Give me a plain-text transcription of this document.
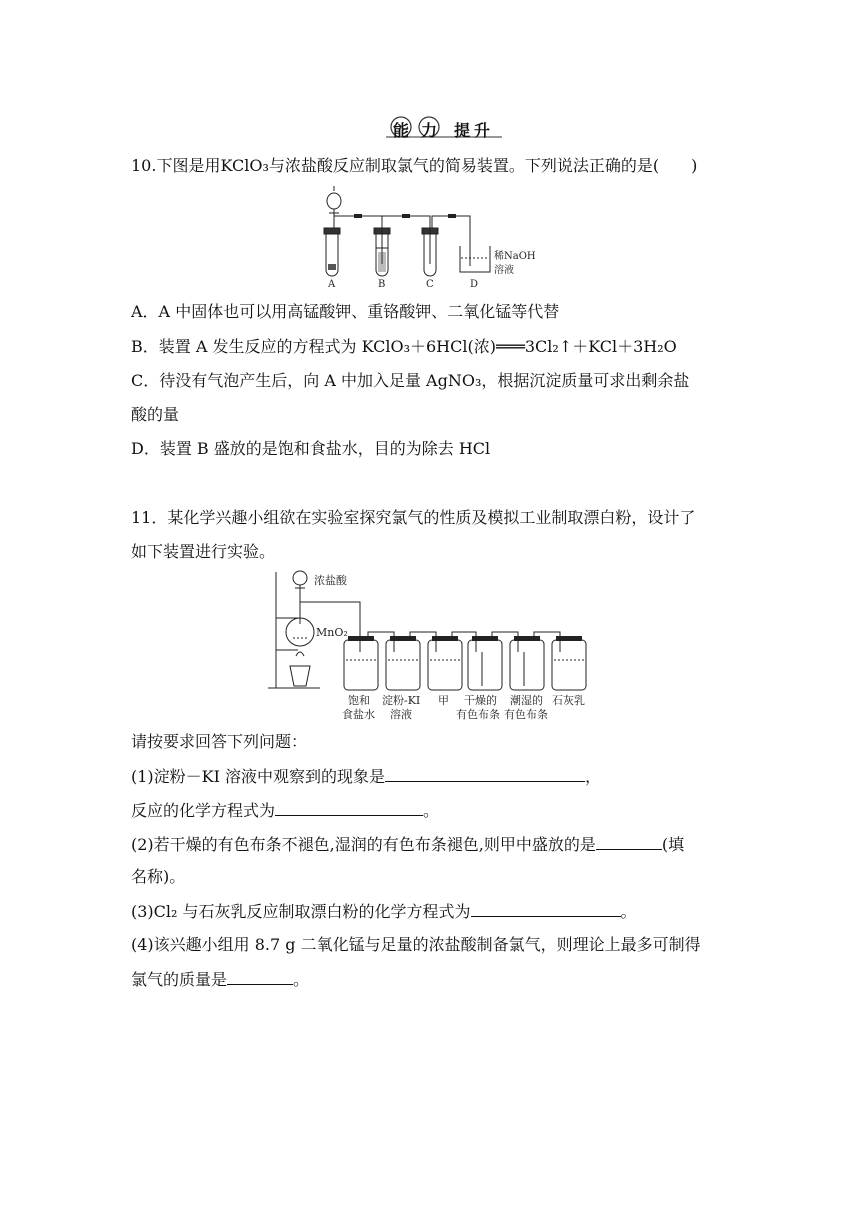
能 力 提 升
10.下图是用KClO₃与浓盐酸反应制取氯气的简易装置。下列说法正确的是(　　)
A	B	C	D
稀NaOH
溶液
A．A 中固体也可以用高锰酸钾、重铬酸钾、二氧化锰等代替
B．装置 A 发生反应的方程式为 KClO₃＋6HCl(浓)═══3Cl₂↑＋KCl＋3H₂O
C．待没有气泡产生后，向 A 中加入足量 AgNO₃，根据沉淀质量可求出剩余盐
酸的量
D．装置 B 盛放的是饱和食盐水，目的为除去 HCl
11．某化学兴趣小组欲在实验室探究氯气的性质及模拟工业制取漂白粉，设计了
如下装置进行实验。
浓盐酸
MnO₂
饱和
食盐水
淀粉-KI
溶液
甲 干燥的
有色布条
潮湿的
有色布条
石灰乳
请按要求回答下列问题：
(1)淀粉－KI 溶液中观察到的现象是	，
反应的化学方程式为	。
(2)若干燥的有色布条不褪色,湿润的有色布条褪色,则甲中盛放的是	(填
名称)。
(3)Cl₂ 与石灰乳反应制取漂白粉的化学方程式为	。
(4)该兴趣小组用 8.7 g 二氧化锰与足量的浓盐酸制备氯气，则理论上最多可制得
氯气的质量是	。
